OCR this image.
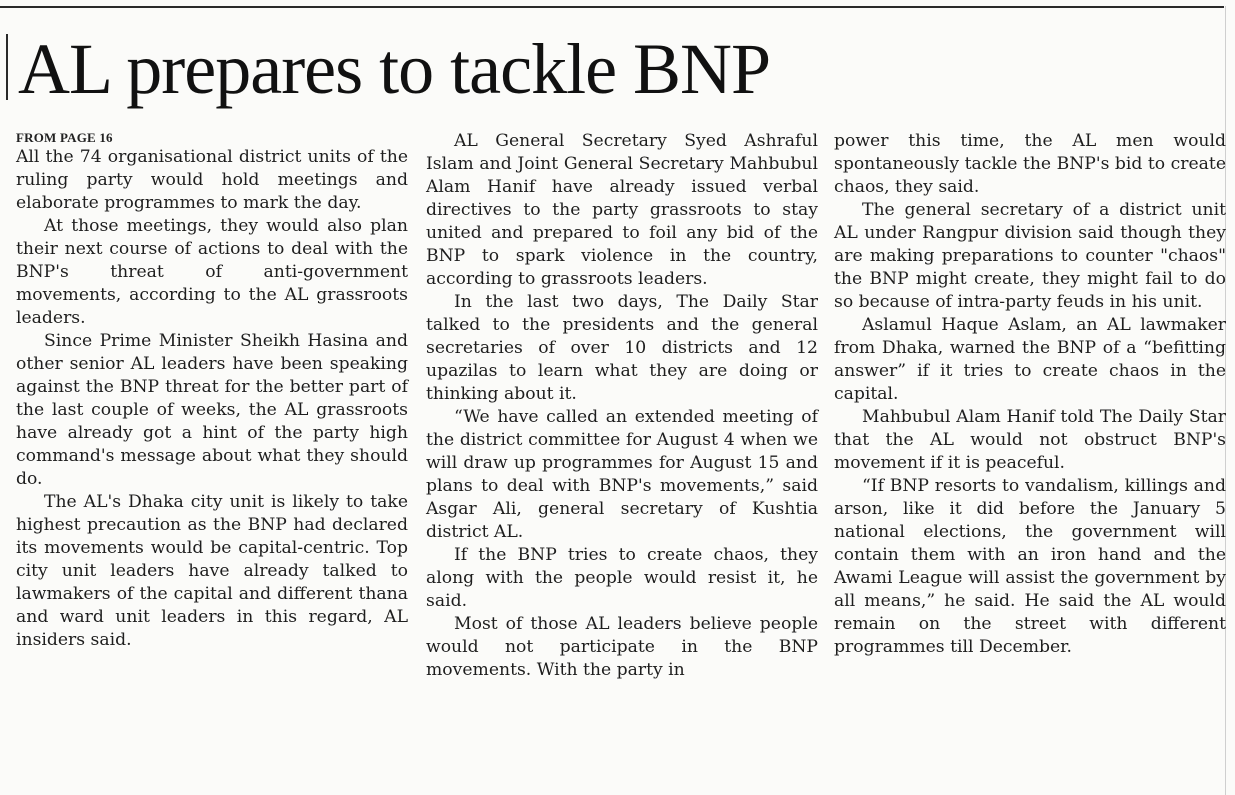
AL prepares to tackle BNP
FROM PAGE 16

All the 74 organisational district units of the ruling party would hold meetings and elaborate programmes to mark the day.

At those meetings, they would also plan their next course of actions to deal with the BNP's threat of anti-government movements, according to the AL grassroots leaders.

Since Prime Minister Sheikh Hasina and other senior AL leaders have been speaking against the BNP threat for the better part of the last couple of weeks, the AL grassroots have already got a hint of the party high command's message about what they should do.

The AL's Dhaka city unit is likely to take highest precaution as the BNP had declared its movements would be capital-centric. Top city unit leaders have already talked to lawmakers of the capital and different thana and ward unit leaders in this regard, AL insiders said.

AL General Secretary Syed Ashraful Islam and Joint General Secretary Mahbubul Alam Hanif have already issued verbal directives to the party grassroots to stay united and prepared to foil any bid of the BNP to spark violence in the country, according to grassroots leaders.

In the last two days, The Daily Star talked to the presidents and the general secretaries of over 10 districts and 12 upazilas to learn what they are doing or thinking about it.

“We have called an extended meeting of the district committee for August 4 when we will draw up programmes for August 15 and plans to deal with BNP's movements,” said Asgar Ali, general secretary of Kushtia district AL.

If the BNP tries to create chaos, they along with the people would resist it, he said.

Most of those AL leaders believe people would not participate in the BNP movements. With the party in

power this time, the AL men would spontaneously tackle the BNP's bid to create chaos, they said.

The general secretary of a district unit AL under Rangpur division said though they are making preparations to counter "chaos" the BNP might create, they might fail to do so because of intra-party feuds in his unit.

Aslamul Haque Aslam, an AL lawmaker from Dhaka, warned the BNP of a “befitting answer” if it tries to create chaos in the capital.

Mahbubul Alam Hanif told The Daily Star that the AL would not obstruct BNP's movement if it is peaceful.

“If BNP resorts to vandalism, killings and arson, like it did before the January 5 national elections, the government will contain them with an iron hand and the Awami League will assist the government by all means,” he said. He said the AL would remain on the street with different programmes till December.
